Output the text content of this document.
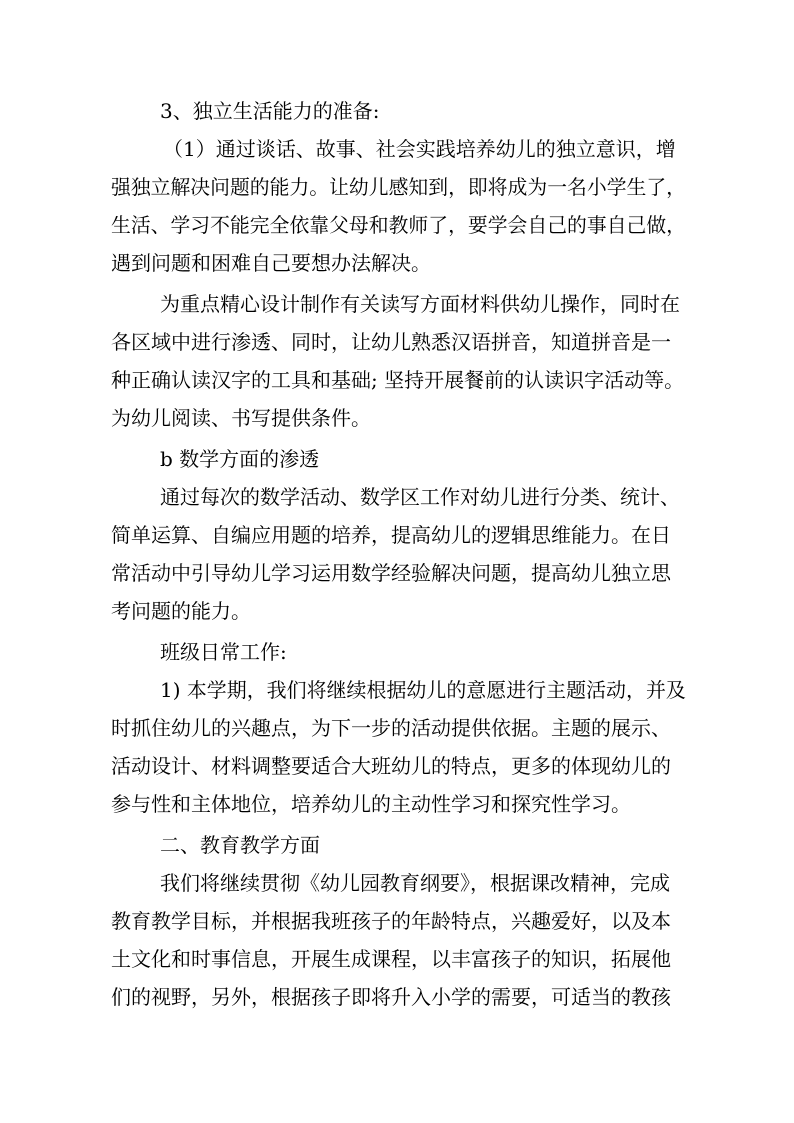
3、独立生活能力的准备:
（1）通过谈话、故事、社会实践培养幼儿的独立意识，增
强独立解决问题的能力。让幼儿感知到，即将成为一名小学生了，
生活、学习不能完全依靠父母和教师了，要学会自己的事自己做，
遇到问题和困难自己要想办法解决。
为重点精心设计制作有关读写方面材料供幼儿操作，同时在
各区域中进行渗透、同时，让幼儿熟悉汉语拼音，知道拼音是一
种正确认读汉字的工具和基础; 坚持开展餐前的认读识字活动等。
为幼儿阅读、书写提供条件。
b 数学方面的渗透
通过每次的数学活动、数学区工作对幼儿进行分类、统计、
简单运算、自编应用题的培养，提高幼儿的逻辑思维能力。在日
常活动中引导幼儿学习运用数学经验解决问题，提高幼儿独立思
考问题的能力。
班级日常工作:
1) 本学期，我们将继续根据幼儿的意愿进行主题活动，并及
时抓住幼儿的兴趣点，为下一步的活动提供依据。主题的展示、
活动设计、材料调整要适合大班幼儿的特点，更多的体现幼儿的
参与性和主体地位，培养幼儿的主动性学习和探究性学习。
二、教育教学方面
我们将继续贯彻《幼儿园教育纲要》，根据课改精神，完成
教育教学目标，并根据我班孩子的年龄特点，兴趣爱好，以及本
土文化和时事信息，开展生成课程，以丰富孩子的知识，拓展他
们的视野，另外，根据孩子即将升入小学的需要，可适当的教孩
